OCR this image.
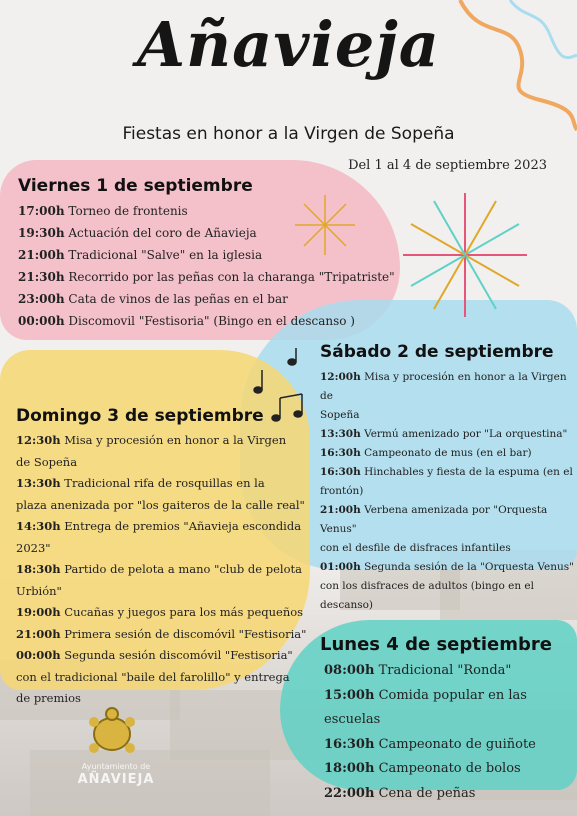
Añavieja
Fiestas en honor a la Virgen de Sopeña
Del 1 al 4 de septiembre 2023
Viernes 1 de septiembre
17:00h Torneo de frontenis
19:30h Actuación del coro de Añavieja
21:00h Tradicional "Salve" en la iglesia
21:30h Recorrido por las peñas con la charanga "Tripatriste"
23:00h Cata de vinos de las peñas en el bar
00:00h Discomovil "Festisoria" (Bingo en el descanso )
Sábado 2 de septiembre
12:00h Misa y procesión en honor a la Virgen de
Sopeña
13:30h Vermú amenizado por "La orquestina"
16:30h Campeonato de mus (en el bar)
16:30h Hinchables y fiesta de la espuma (en el
frontón)
21:00h Verbena amenizada por "Orquesta Venus"
con el desfile de disfraces infantiles
01:00h Segunda sesión de la "Orquesta Venus"
con los disfraces de adultos (bingo en el descanso)
Domingo 3 de septiembre
12:30h Misa y procesión en honor a la Virgen
de Sopeña
13:30h Tradicional rifa de rosquillas en la
plaza anenizada por "los gaiteros de la calle real"
14:30h Entrega de premios "Añavieja escondida 2023"
18:30h Partido de pelota a mano "club de pelota
Urbión"
19:00h Cucañas y juegos para los más pequeños
21:00h Primera sesión de discomóvil "Festisoria"
00:00h Segunda sesión discomóvil "Festisoria"
con el tradicional "baile del farolillo" y entrega
de premios
Lunes 4 de septiembre
08:00h Tradicional "Ronda"
15:00h Comida popular en las escuelas
16:30h Campeonato de guiñote
18:00h Campeonato de bolos
22:00h Cena de peñas
Ayuntamiento de
AÑAVIEJA
